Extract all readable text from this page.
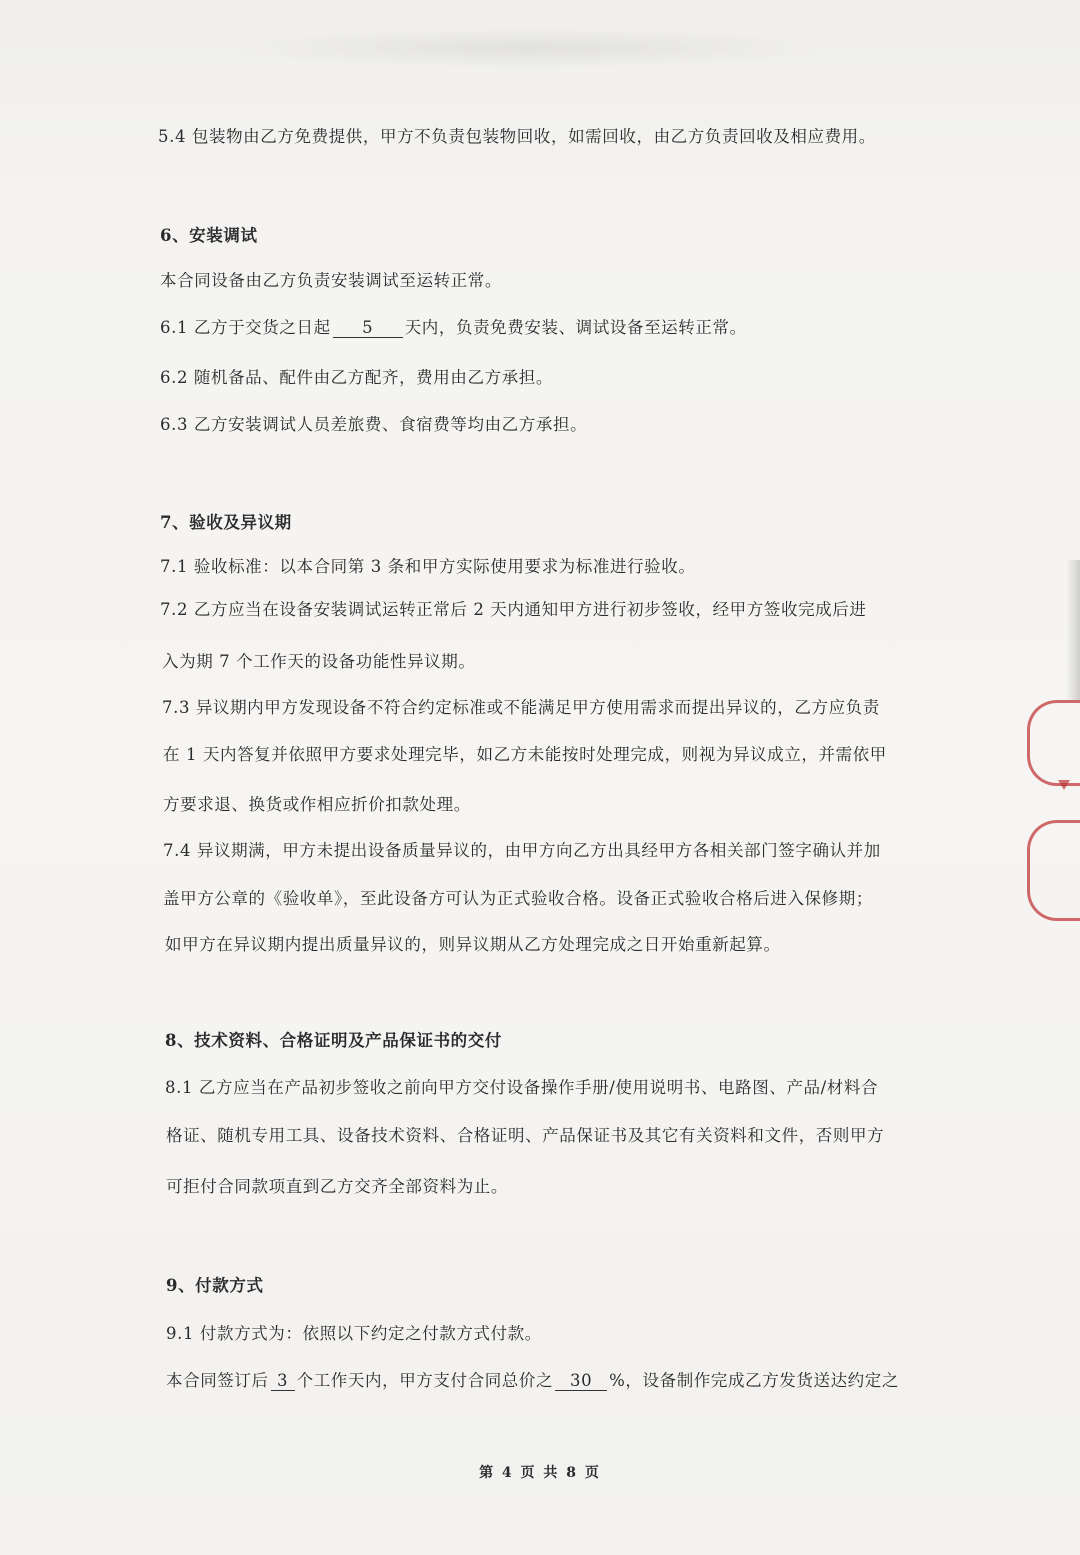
5.4 包装物由乙方免费提供，甲方不负责包装物回收，如需回收，由乙方负责回收及相应费用。
6、安装调试
本合同设备由乙方负责安装调试至运转正常。
6.1 乙方于交货之日起 5 天内，负责免费安装、调试设备至运转正常。
6.2 随机备品、配件由乙方配齐，费用由乙方承担。
6.3 乙方安装调试人员差旅费、食宿费等均由乙方承担。
7、验收及异议期
7.1 验收标准：以本合同第 3 条和甲方实际使用要求为标准进行验收。
7.2 乙方应当在设备安装调试运转正常后 2 天内通知甲方进行初步签收，经甲方签收完成后进
入为期 7 个工作天的设备功能性异议期。
7.3 异议期内甲方发现设备不符合约定标准或不能满足甲方使用需求而提出异议的，乙方应负责
在 1 天内答复并依照甲方要求处理完毕，如乙方未能按时处理完成，则视为异议成立，并需依甲
方要求退、换货或作相应折价扣款处理。
7.4 异议期满，甲方未提出设备质量异议的，由甲方向乙方出具经甲方各相关部门签字确认并加
盖甲方公章的《验收单》，至此设备方可认为正式验收合格。设备正式验收合格后进入保修期；
如甲方在异议期内提出质量异议的，则异议期从乙方处理完成之日开始重新起算。
8、技术资料、合格证明及产品保证书的交付
8.1 乙方应当在产品初步签收之前向甲方交付设备操作手册/使用说明书、电路图、产品/材料合
格证、随机专用工具、设备技术资料、合格证明、产品保证书及其它有关资料和文件，否则甲方
可拒付合同款项直到乙方交齐全部资料为止。
9、付款方式
9.1 付款方式为：依照以下约定之付款方式付款。
本合同签订后 3 个工作天内，甲方支付合同总价之 30 %，设备制作完成乙方发货送达约定之
第 4 页 共 8 页
